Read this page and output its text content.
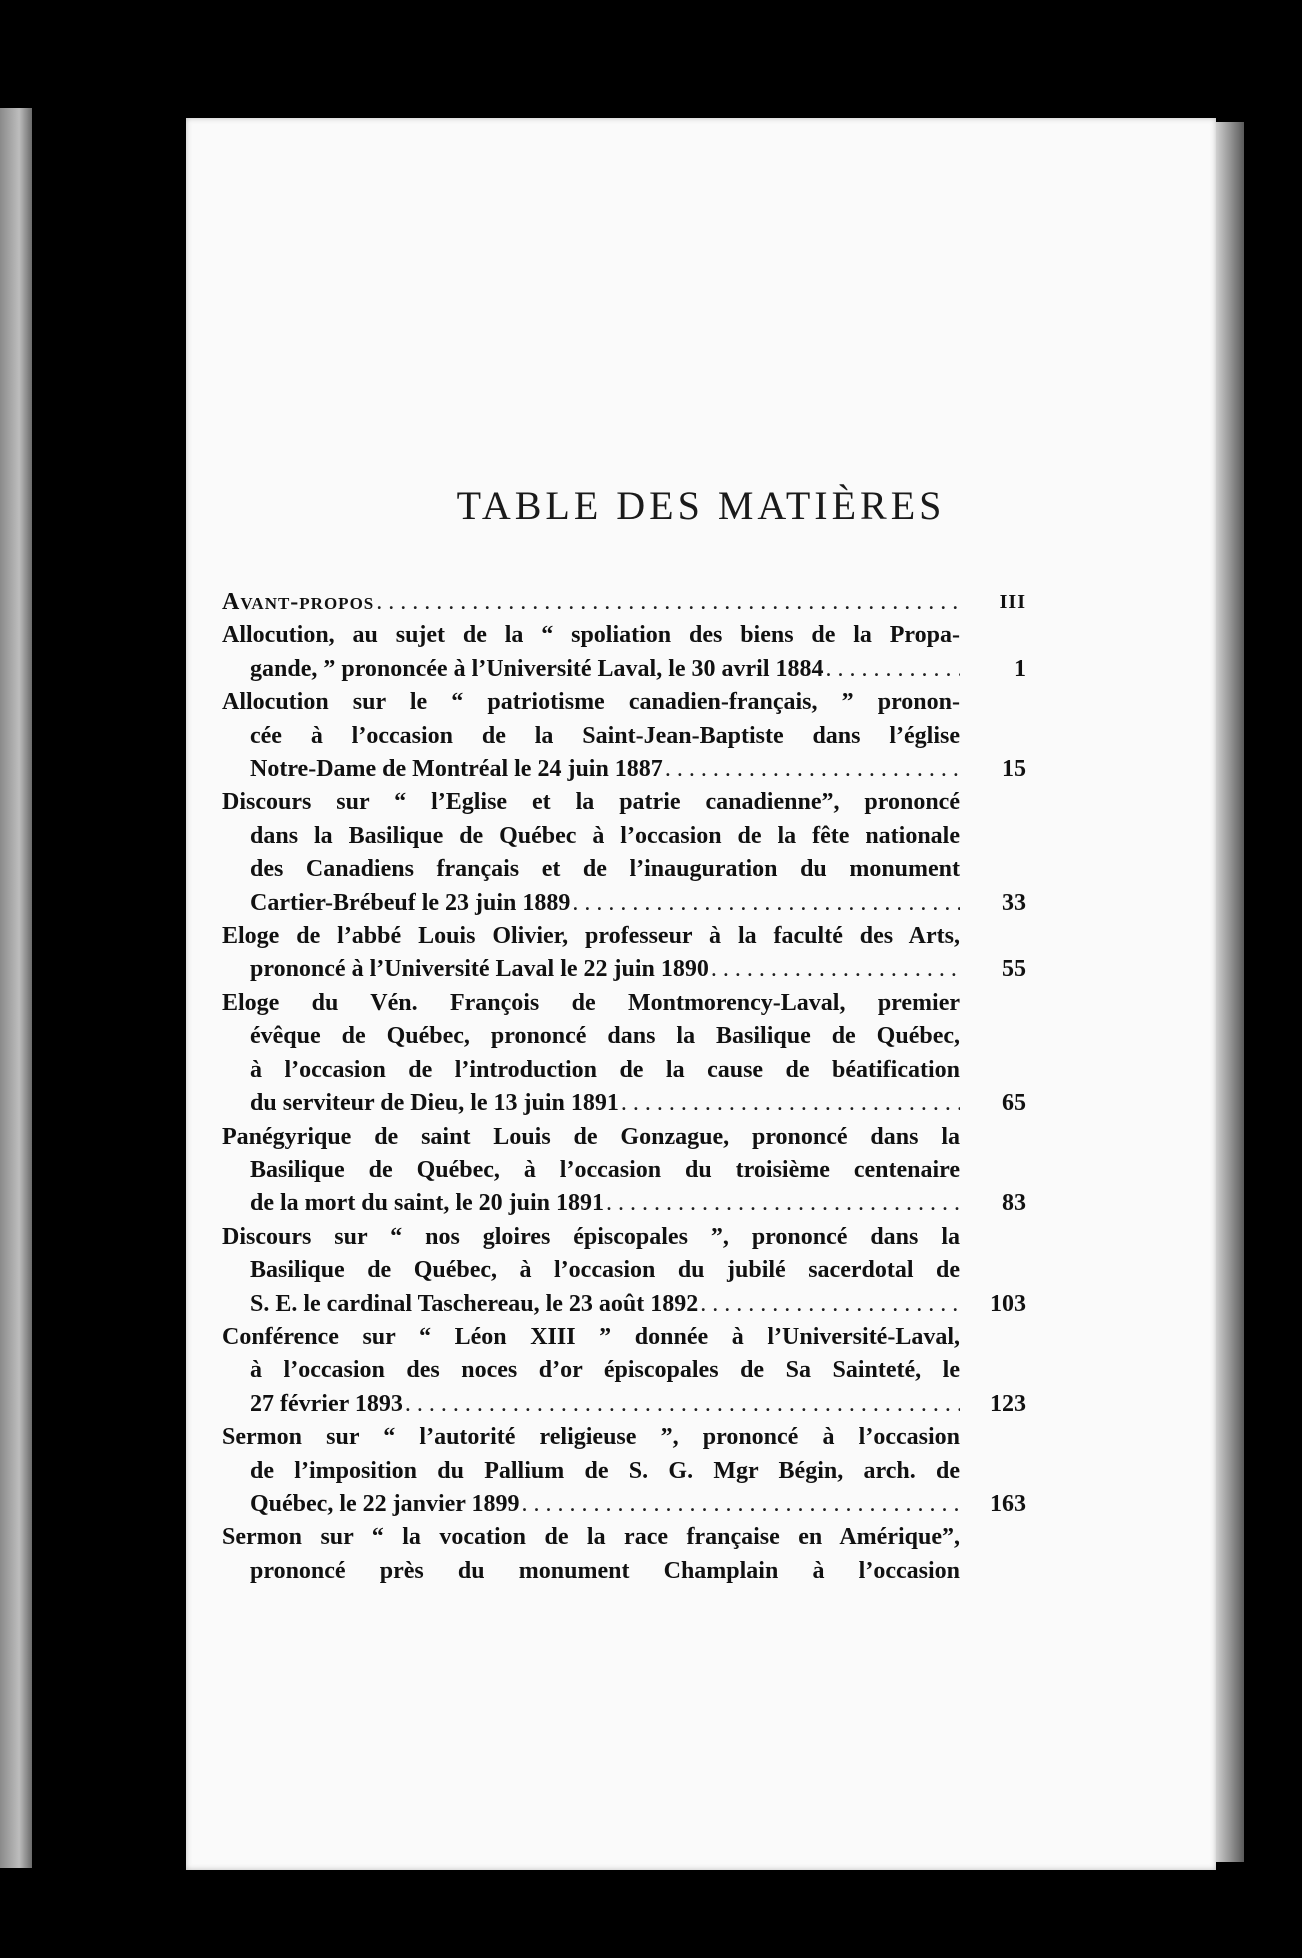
TABLE DES MATIÈRES
Avant-propos . . .	III
Allocution, au sujet de la “ spoliation des biens de la Propa-
gande, ” prononcée à l’Université Laval, le 30 avril 1884 . . .	1
Allocution sur le “ patriotisme canadien-français, ” pronon-
cée à l’occasion de la Saint-Jean-Baptiste dans l’église
Notre-Dame de Montréal le 24 juin 1887 . . .	15
Discours sur “ l’Eglise et la patrie canadienne”, prononcé
dans la Basilique de Québec à l’occasion de la fête nationale
des Canadiens français et de l’inauguration du monument
Cartier-Brébeuf le 23 juin 1889 . . .	33
Eloge de l’abbé Louis Olivier, professeur à la faculté des Arts,
prononcé à l’Université Laval le 22 juin 1890 . . .	55
Eloge du Vén. François de Montmorency-Laval, premier
évêque de Québec, prononcé dans la Basilique de Québec,
à l’occasion de l’introduction de la cause de béatification
du serviteur de Dieu, le 13 juin 1891 . . .	65
Panégyrique de saint Louis de Gonzague, prononcé dans la
Basilique de Québec, à l’occasion du troisième centenaire
de la mort du saint, le 20 juin 1891 . . .	83
Discours sur “ nos gloires épiscopales ”, prononcé dans la
Basilique de Québec, à l’occasion du jubilé sacerdotal de
S. E. le cardinal Taschereau, le 23 août 1892 . . .	103
Conférence sur “ Léon XIII ” donnée à l’Université-Laval,
à l’occasion des noces d’or épiscopales de Sa Sainteté, le
27 février 1893 . . .	123
Sermon sur “ l’autorité religieuse ”, prononcé à l’occasion
de l’imposition du Pallium de S. G. Mgr Bégin, arch. de
Québec, le 22 janvier 1899 . . .	163
Sermon sur “ la vocation de la race française en Amérique”,
prononcé près du monument Champlain à l’occasion
